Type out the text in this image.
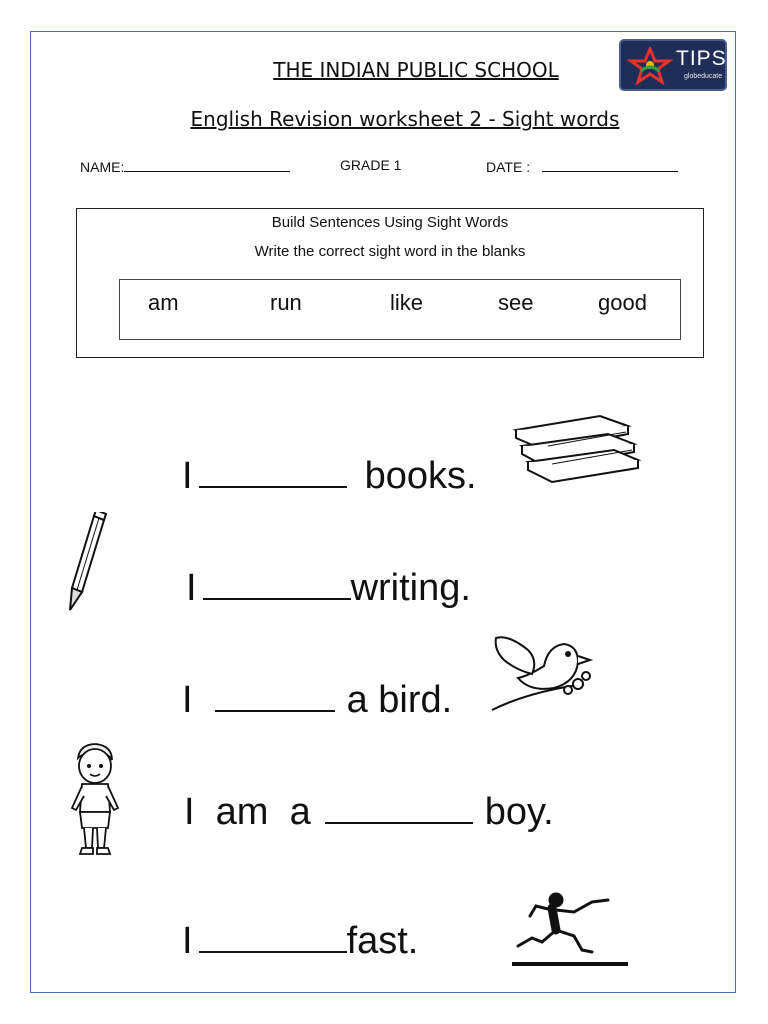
THE INDIAN PUBLIC SCHOOL
English Revision worksheet 2 - Sight words
TIPS
globeducate
NAME:	GRADE 1	DATE :
Build Sentences Using Sight Words
Write the correct sight word in the blanks
am	run	like	see	good
I	books.
I	writing.
I	a bird.
I  am  a	boy.
I	fast.
